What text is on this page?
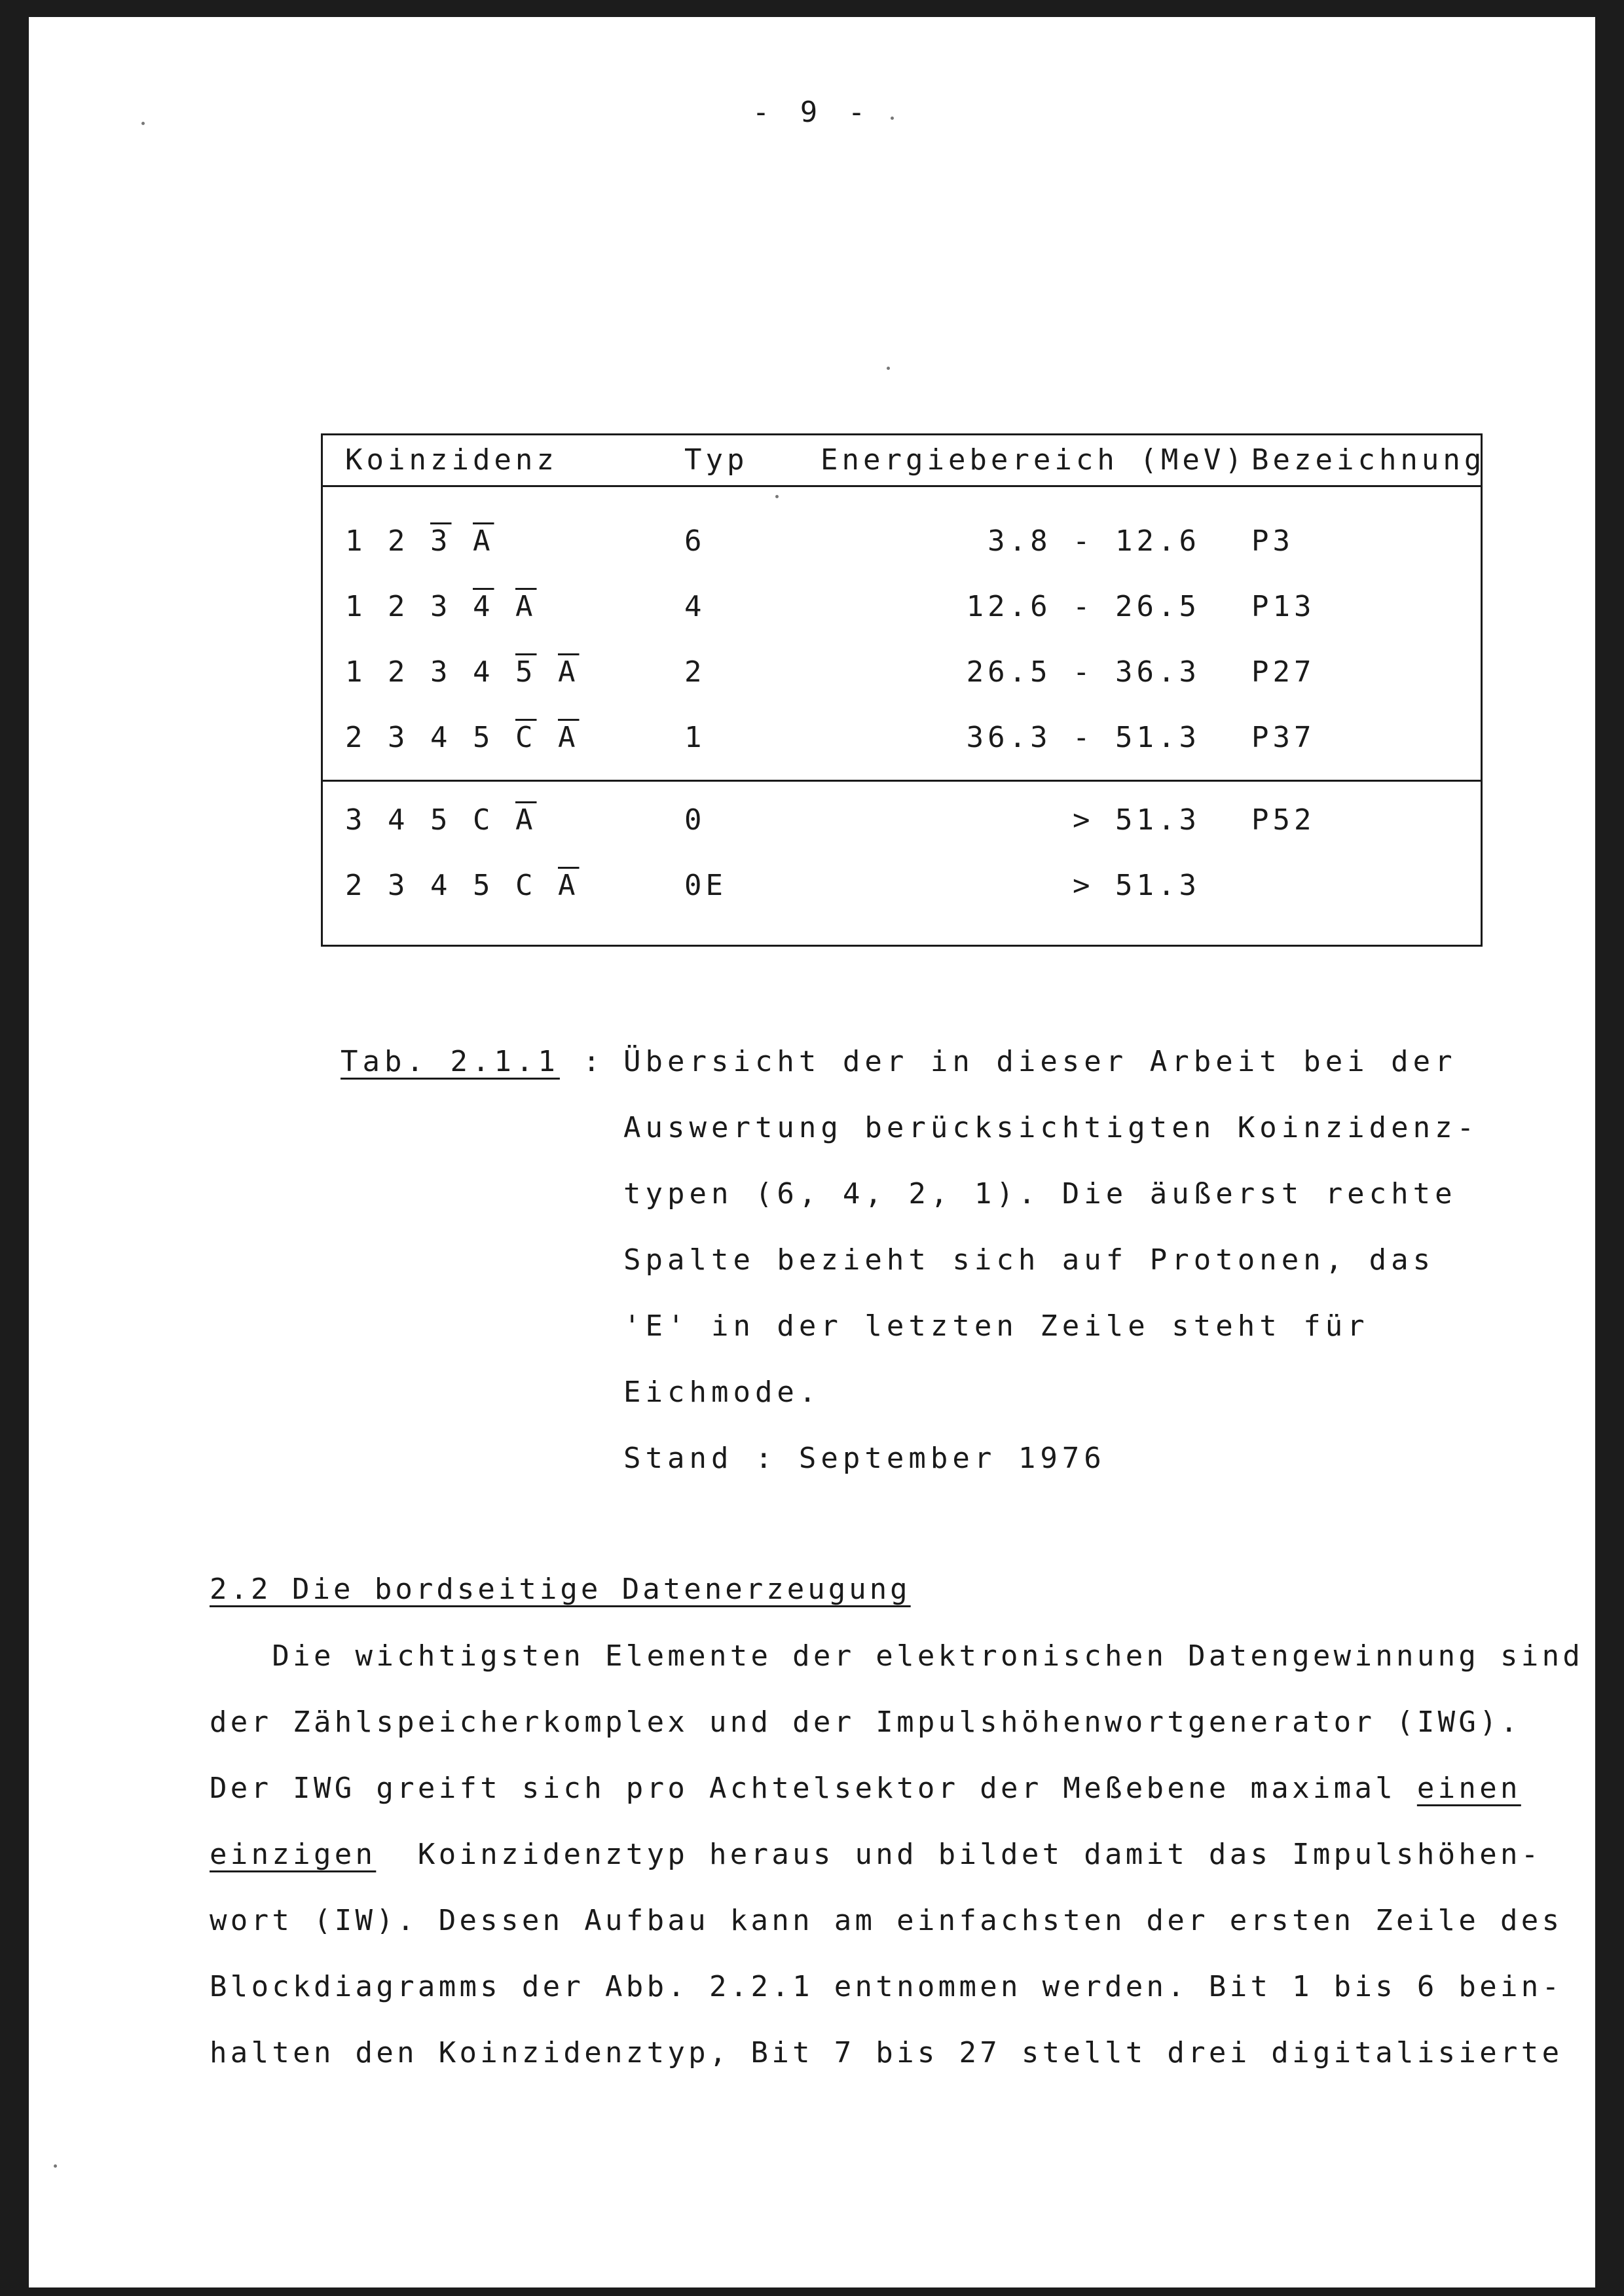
- 9 -
Koinzidenz	Typ	Energiebereich (MeV) Bezeichnung
1 2 3 $\overline{A}$	6	3.8 - 12.6 P3
1 2 3 4 $\overline{A}$	4	12.6 - 26.5 P13
1 2 3 4 5 $\overline{A}$	2	26.5 - 36.3 P27
2 3 4 5 $\overline{C}$ $\overline{A}$	1	36.3 - 51.3 P37
3 4 5 C $\overline{A}$	0	> 51.3 P52
2 3 4 5 C $\overline{A}$	0E	> 51.3
Tab. 2.1.1 : Übersicht der in dieser Arbeit bei der
Auswertung berücksichtigten Koinzidenz-
typen (6, 4, 2, 1). Die äußerst rechte
Spalte bezieht sich auf Protonen, das
'E' in der letzten Zeile steht für
Eichmode.
Stand : September 1976
2.2 Die bordseitige Datenerzeugung
Die wichtigsten Elemente der elektronischen Datengewinnung sind
der Zählspeicherkomplex und der Impulshöhenwortgenerator (IWG).
Der IWG greift sich pro Achtelsektor der Meßebene maximal einen
einzigen  Koinzidenztyp heraus und bildet damit das Impulshöhen-
wort (IW). Dessen Aufbau kann am einfachsten der ersten Zeile des
Blockdiagramms der Abb. 2.2.1 entnommen werden. Bit 1 bis 6 bein-
halten den Koinzidenztyp, Bit 7 bis 27 stellt drei digitalisierte
